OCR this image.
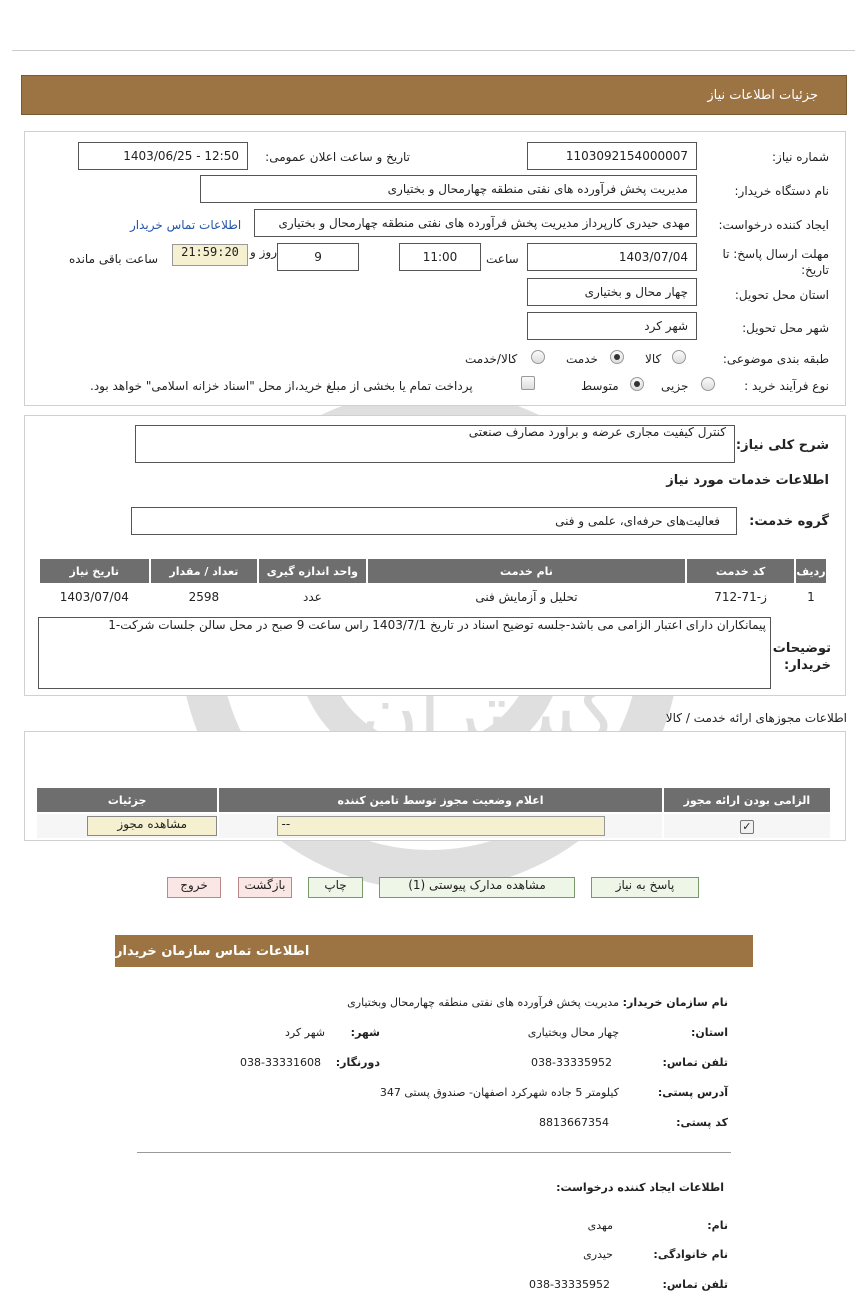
جزئیات اطلاعات نیاز
گستران
شماره نیاز:
1103092154000007
تاریخ و ساعت اعلان عمومی:
1403/06/25 - 12:50
نام دستگاه خریدار:
مدیریت پخش فرآورده های نفتی منطقه چهارمحال و بختیاری
ایجاد کننده درخواست:
مهدی حیدری کارپرداز مدیریت پخش فرآورده های نفتی منطقه چهارمحال و بختیاری
اطلاعات تماس خریدار
مهلت ارسال پاسخ: تا تاریخ:
1403/07/04
ساعت
11:00
9
روز و
21:59:20
ساعت باقی مانده
استان محل تحویل:
چهار محال و بختیاری
شهر محل تحویل:
شهر کرد
طبقه بندی موضوعی:
کالا
خدمت
کالا/خدمت
نوع فرآیند خرید :
جزیی
متوسط
پرداخت تمام یا بخشی از مبلغ خرید،از محل "اسناد خزانه اسلامی" خواهد بود.
شرح کلی نیاز:
کنترل کیفیت مجاری عرضه و براورد مصارف صنعتی
اطلاعات خدمات مورد نیاز
گروه خدمت:
فعالیت‌های حرفه‌ای، علمی و فنی
ردیف	کد خدمت	نام خدمت	واحد اندازه گیری	تعداد / مقدار	تاریخ نیاز
1	ز-71-712	تحلیل و آزمایش فنی	عدد	2598	1403/07/04
توضیحات خریدار:
پیمانکاران دارای اعتبار الزامی می باشد-جلسه توضیح اسناد در تاریخ 1403/7/1 راس ساعت 9 صبح در محل سالن جلسات شرکت-1
اطلاعات مجوزهای ارائه خدمت / کالا
الزامی بودن ارائه مجوز	اعلام وضعیت مجوز توسط تامین کننده	جزئیات
✓	--	مشاهده مجوز
پاسخ به نیاز
مشاهده مدارک پیوستی (1)
چاپ
بازگشت
خروج
اطلاعات تماس سازمان خریدار
نام سازمان خریدار:
مدیریت پخش فرآورده های نفتی منطقه چهارمحال وبختیاری
استان:
چهار محال وبختیاری
شهر:
شهر کرد
تلفن تماس:
038-33335952
دورنگار:
038-33331608
آدرس پستی:
کیلومتر 5 جاده شهرکرد اصفهان- صندوق پستی 347
کد پستی:
8813667354
اطلاعات ایجاد کننده درخواست:
نام:
مهدی
نام خانوادگی:
حیدری
تلفن تماس:
038-33335952
